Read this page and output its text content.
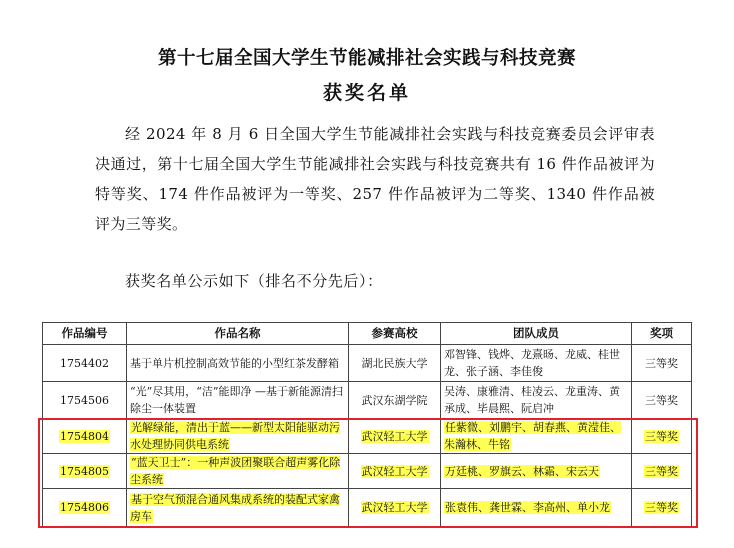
第十七届全国大学生节能减排社会实践与科技竞赛
获奖名单
经 2024 年 8 月 6 日全国大学生节能减排社会实践与科技竞赛委员会评审表决通过，第十七届全国大学生节能减排社会实践与科技竞赛共有 16 件作品被评为特等奖、174 件作品被评为一等奖、257 件作品被评为二等奖、1340 件作品被评为三等奖。
获奖名单公示如下（排名不分先后）：
作品编号	作品名称	参赛高校	团队成员	奖项
1754402	基于单片机控制高效节能的小型红茶发酵箱	湖北民族大学	邓智锋、钱烨、龙熹旸、龙威、桂世龙、张子涵、李佳俊	三等奖
1754506	“光”尽其用，“洁”能即净 —基于新能源清扫除尘一体装置	武汉东湖学院	吴涛、康雅清、桂凌云、龙重涛、黄承成、毕晨熙、阮启冲	三等奖
1754804	光解绿能，清出于蓝——新型太阳能驱动污水处理协同供电系统	武汉轻工大学	任紫微、刘鹏宇、胡春燕、黄滢佳、朱瀚林、牛铭	三等奖
1754805	“蓝天卫士”：一种声波团聚联合超声雾化除尘系统	武汉轻工大学	万廷桃、罗旗云、林霜、宋云天	三等奖
1754806	基于空气预混合通风集成系统的装配式家禽房车	武汉轻工大学	张袁伟、龚世霖、李高州、单小龙	三等奖
